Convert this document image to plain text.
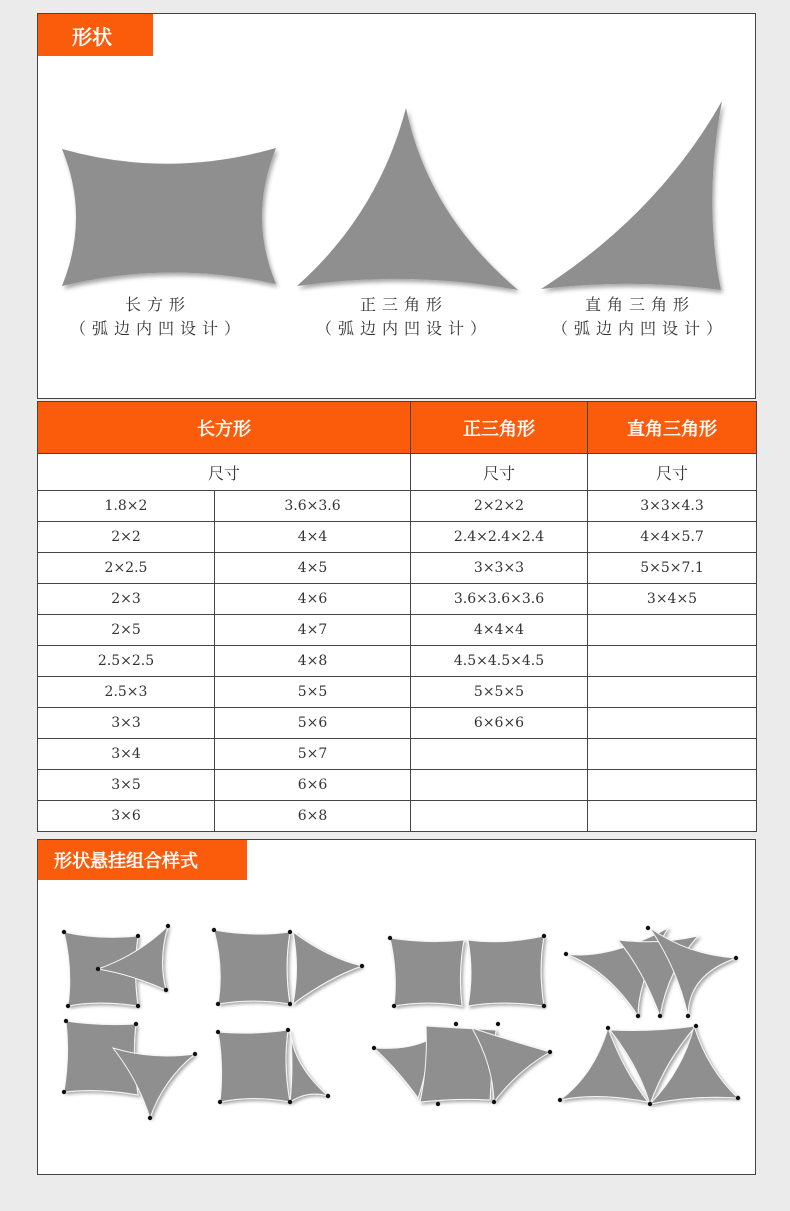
长方形
（弧边内凹设计）
正三角形
（弧边内凹设计）
直角三角形
（弧边内凹设计）
形状
长方形		正三角形	直角三角形
尺寸		尺寸	尺寸
1.8×2	3.6×3.6	2×2×2	3×3×4.3
2×2	4×4	2.4×2.4×2.4	4×4×5.7
2×2.5	4×5	3×3×3	5×5×7.1
2×3	4×6	3.6×3.6×3.6	3×4×5
2×5	4×7	4×4×4	
2.5×2.5	4×8	4.5×4.5×4.5	
2.5×3	5×5	5×5×5	
3×3	5×6	6×6×6	
3×4	5×7		
3×5	6×6		
3×6	6×8		
形状悬挂组合样式
